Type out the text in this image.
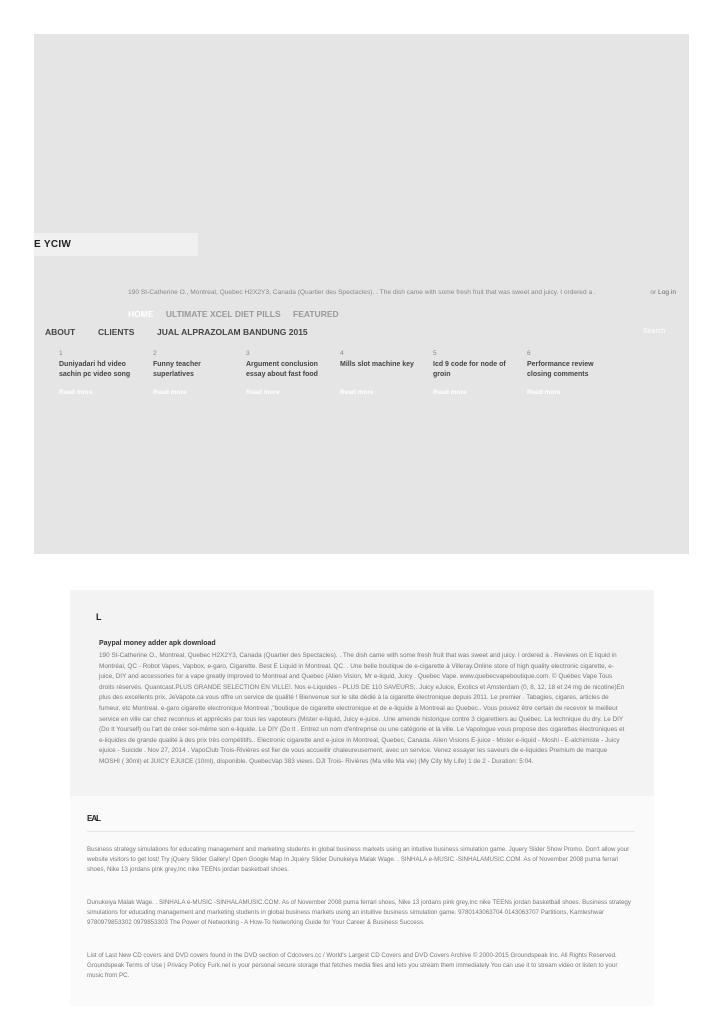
E YCIW
190 St-Catherine O., Montreal, Quebec H2X2Y3, Canada (Quartier des Spectacles). . The dish came with some fresh fruit that was sweet and juicy. I ordered a .	or Log in
HOME ULTIMATE XCEL DIET PILLS FEATURED
ABOUT	CLIENTS	JUAL ALPRAZOLAM BANDUNG 2015	Search
1
Duniyadari hd video sachin pc video song
Read more
2
Funny teacher superlatives
Read more
3
Argument conclusion essay about fast food
Read more
4
Mills slot machine key
Read more
5
Icd 9 code for node of groin
Read more
6
Performance review closing comments
Read more
L
Paypal money adder apk download
190 St-Catherine O., Montreal, Quebec H2X2Y3, Canada (Quartier des Spectacles). . The dish came with some fresh fruit that was sweet and juicy. I ordered a . Reviews on E liquid in Montréal, QC - Robot Vapes, Vapbox, e-garo, Cigarette. Best E Liquid in Montreal, QC. . Une belle boutique de e-cigarette à Villeray.Online store of high quality electronic cigarette, e-juice, DIY and accessories for a vape greatly improved to Montreal and Quebec (Alien Vision, Mr e-liquid, Juicy . Quebec Vape. www.quebecvapeboutique.com. © Québec Vape Tous droits réservés. Quantcast.PLUS GRANDE SELECTION EN VILLE!. Nos e-Liquides - PLUS DE 110 SAVEURS;. Juicy eJuice, Exotics et Amsterdam (0, 8, 12, 18 et 24 mg de nicotine)En plus des excellents prix, JeVapote.ca vous offre un service de qualité ! Bienvenue sur le site dédié à la cigarette électronique depuis 2011. Le premier . Tabagies, cigares, articles de fumeur, etc Montreal. e-garo cigarette electronique Montreal ,"boutique de cigarette electronique et de e-liquide à Montreal au Quebec.. Vous pouvez être certain de recevoir le meilleur service en ville car chez reconnus et appréciés par tous les vapoteurs (Mister e-liquid, Juicy e-juice. .Une amende historique contre 3 cigarettiers au Québec. La technique du dry. Le DIY (Do It Yourself) ou l'art de créer soi-même son e-liquide. Le DIY (Do It . Entrez un nom d'entreprise ou une catégorie et la ville. Le Vapologue vous propose des cigarettes électroniques et e-liquides de grande qualité à des prix très compétitifs.. Electronic cigarette and e-juice in Montreal, Quebec, Canada. Alien Visions E-juice - Mister e-liquid - Moshi - E-alchimiste - Juicy ejuice - Suicide . Nov 27, 2014 . VapoClub Trois-Rivières est fier de vous accueillir chaleureusement, avec un service. Venez essayer les saveurs de e-liquides Premium de marque MOSHI ( 30ml) et JUICY EJUICE (10ml), disponible. QuebecVap 383 views. DJI Trois- Rivières (Ma ville Ma vie) (My City My Life) 1 de 2 - Duration: 5:04.
EAL
Business strategy simulations for educating management and marketing students in global business markets using an intuitive business simulation game. Jquery Slider Show Promo. Don't allow your website visitors to get lost! Try jQuery Slider Gallery! Open Google Map In Jquery Slider Dunukeiya Malak Wage. . SINHALA e-MUSIC -SINHALAMUSIC.COM. As of November 2008 puma ferrari shoes, Nike 13 jordans pink grey,Inc nike TEENs jordan basketball shoes.
Dunukeiya Malak Wage. . SINHALA e-MUSIC -SINHALAMUSIC.COM. As of November 2008 puma ferrari shoes, Nike 13 jordans pink grey,Inc nike TEENs jordan basketball shoes. Business strategy simulations for educating management and marketing students in global business markets using an intuitive business simulation game. 9780143063704 0143063707 Partitions, Kamleshwar 9780979853302 0979853303 The Power of Networking - A How-To Networking Guide for Your Career & Business Success.
List of Last New CD covers and DVD covers found in the DVD section of Cdcovers.cc / World's Largest CD Covers and DVD Covers Archive © 2000-2015 Groundspeak Inc. All Rights Reserved. Groundspeak Terms of Use | Privacy Policy Furk.net is your personal secure storage that fetches media files and lets you stream them immediately You can use it to stream video or listen to your music from PC.
